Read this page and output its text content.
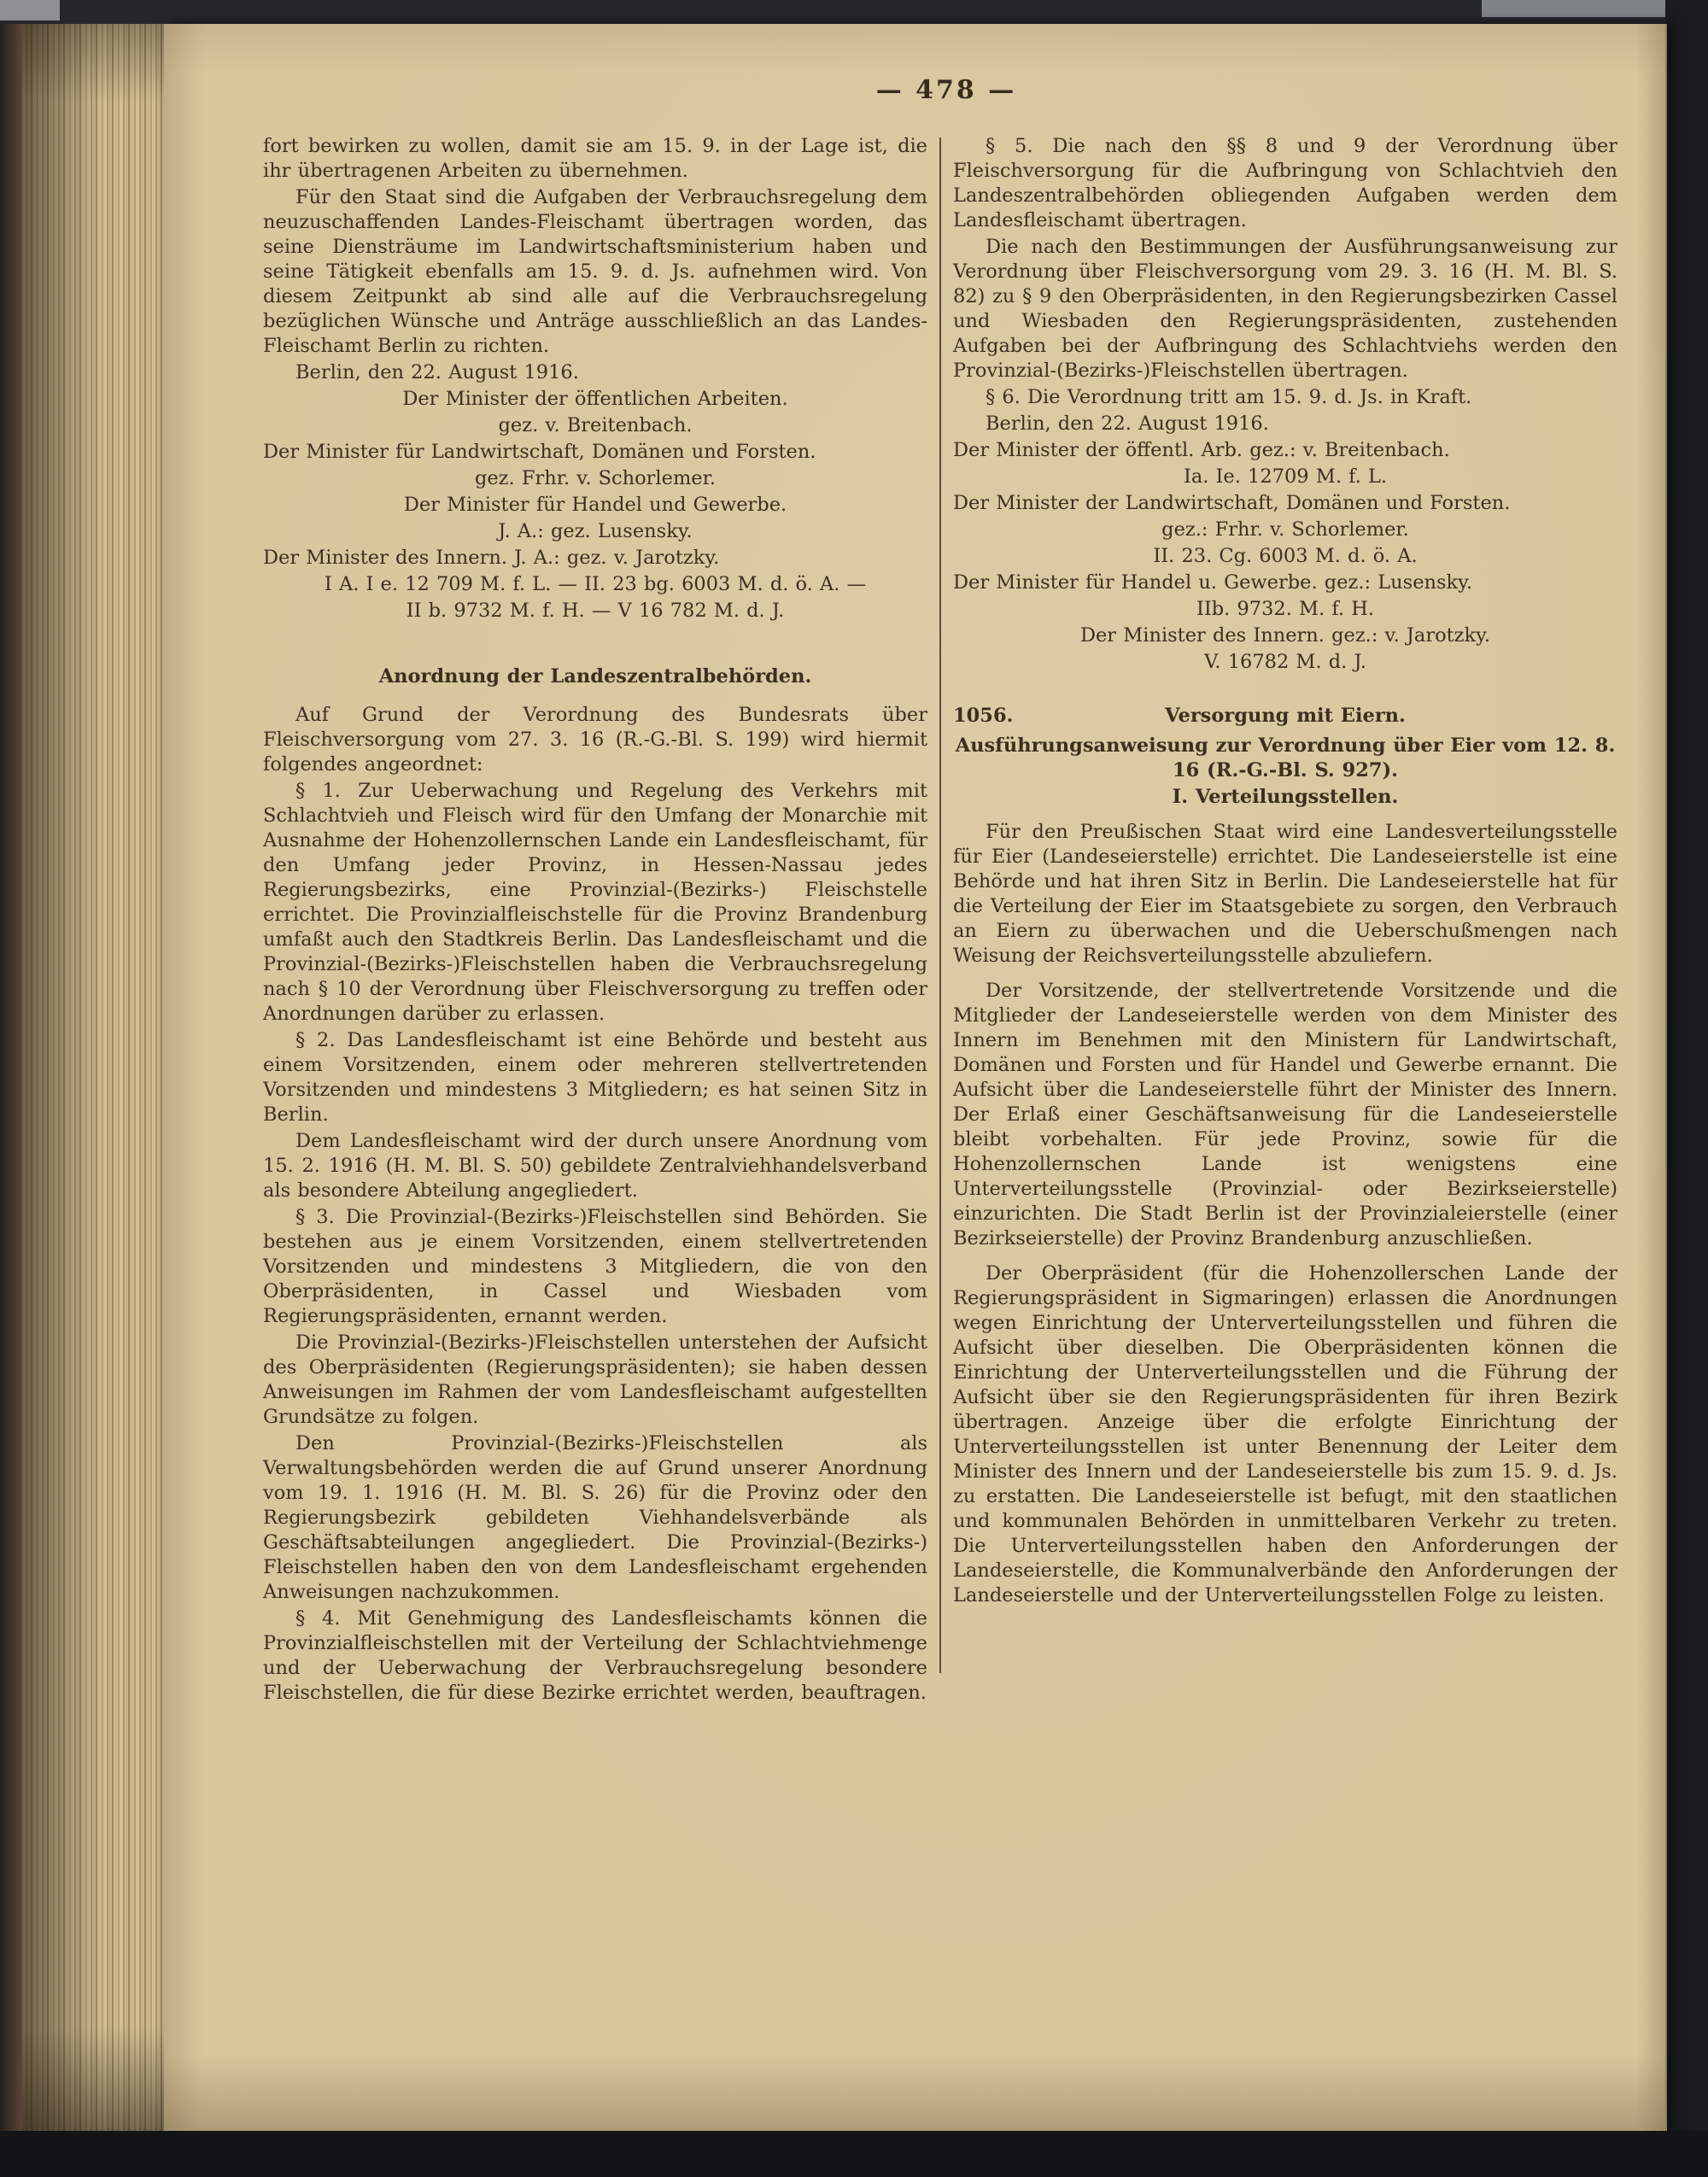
— 478 —
fort bewirken zu wollen, damit sie am 15. 9. in der Lage ist, die ihr übertragenen Arbeiten zu übernehmen.
Für den Staat sind die Aufgaben der Verbrauchsregelung dem neuzuschaffenden Landes-Fleischamt übertragen worden, das seine Diensträume im Landwirtschaftsministerium haben und seine Tätigkeit ebenfalls am 15. 9. d. Js. aufnehmen wird. Von diesem Zeitpunkt ab sind alle auf die Verbrauchsregelung bezüglichen Wünsche und Anträge ausschließlich an das Landes-Fleischamt Berlin zu richten.
Berlin, den 22. August 1916.
Der Minister der öffentlichen Arbeiten.
gez. v. Breitenbach.
Der Minister für Landwirtschaft, Domänen und Forsten.
gez. Frhr. v. Schorlemer.
Der Minister für Handel und Gewerbe.
J. A.: gez. Lusensky.
Der Minister des Innern. J. A.: gez. v. Jarotzky.
I A. I e. 12 709 M. f. L. — II. 23 bg. 6003 M. d. ö. A. —
II b. 9732 M. f. H. — V 16 782 M. d. J.
Anordnung der Landeszentralbehörden.
Auf Grund der Verordnung des Bundesrats über Fleischversorgung vom 27. 3. 16 (R.-G.-Bl. S. 199) wird hiermit folgendes angeordnet:
§ 1. Zur Ueberwachung und Regelung des Verkehrs mit Schlachtvieh und Fleisch wird für den Umfang der Monarchie mit Ausnahme der Hohenzollernschen Lande ein Landesfleischamt, für den Umfang jeder Provinz, in Hessen-Nassau jedes Regierungsbezirks, eine Provinzial-(Bezirks-) Fleischstelle errichtet. Die Provinzialfleischstelle für die Provinz Brandenburg umfaßt auch den Stadtkreis Berlin. Das Landesfleischamt und die Provinzial-(Bezirks-)Fleischstellen haben die Verbrauchsregelung nach § 10 der Verordnung über Fleischversorgung zu treffen oder Anordnungen darüber zu erlassen.
§ 2. Das Landesfleischamt ist eine Behörde und besteht aus einem Vorsitzenden, einem oder mehreren stellvertretenden Vorsitzenden und mindestens 3 Mitgliedern; es hat seinen Sitz in Berlin.
Dem Landesfleischamt wird der durch unsere Anordnung vom 15. 2. 1916 (H. M. Bl. S. 50) gebildete Zentralviehhandelsverband als besondere Abteilung angegliedert.
§ 3. Die Provinzial-(Bezirks-)Fleischstellen sind Behörden. Sie bestehen aus je einem Vorsitzenden, einem stellvertretenden Vorsitzenden und mindestens 3 Mitgliedern, die von den Oberpräsidenten, in Cassel und Wiesbaden vom Regierungspräsidenten, ernannt werden.
Die Provinzial-(Bezirks-)Fleischstellen unterstehen der Aufsicht des Oberpräsidenten (Regierungspräsidenten); sie haben dessen Anweisungen im Rahmen der vom Landesfleischamt aufgestellten Grundsätze zu folgen.
Den Provinzial-(Bezirks-)Fleischstellen als Verwaltungsbehörden werden die auf Grund unserer Anordnung vom 19. 1. 1916 (H. M. Bl. S. 26) für die Provinz oder den Regierungsbezirk gebildeten Viehhandelsverbände als Geschäftsabteilungen angegliedert. Die Provinzial-(Bezirks-) Fleischstellen haben den von dem Landesfleischamt ergehenden Anweisungen nachzukommen.
§ 4. Mit Genehmigung des Landesfleischamts können die Provinzialfleischstellen mit der Verteilung der Schlachtviehmenge und der Ueberwachung der Verbrauchsregelung besondere Fleischstellen, die für diese Bezirke errichtet werden, beauftragen.
§ 5. Die nach den §§ 8 und 9 der Verordnung über Fleischversorgung für die Aufbringung von Schlachtvieh den Landeszentralbehörden obliegenden Aufgaben werden dem Landesfleischamt übertragen.
Die nach den Bestimmungen der Ausführungsanweisung zur Verordnung über Fleischversorgung vom 29. 3. 16 (H. M. Bl. S. 82) zu § 9 den Oberpräsidenten, in den Regierungsbezirken Cassel und Wiesbaden den Regierungspräsidenten, zustehenden Aufgaben bei der Aufbringung des Schlachtviehs werden den Provinzial-(Bezirks-)Fleischstellen übertragen.
§ 6. Die Verordnung tritt am 15. 9. d. Js. in Kraft.
Berlin, den 22. August 1916.
Der Minister der öffentl. Arb. gez.: v. Breitenbach.
Ia. Ie. 12709 M. f. L.
Der Minister der Landwirtschaft, Domänen und Forsten.
gez.: Frhr. v. Schorlemer.
II. 23. Cg. 6003 M. d. ö. A.
Der Minister für Handel u. Gewerbe. gez.: Lusensky.
IIb. 9732. M. f. H.
Der Minister des Innern. gez.: v. Jarotzky.
V. 16782 M. d. J.
1056.	Versorgung mit Eiern.
Ausführungsanweisung zur Verordnung über Eier vom 12. 8. 16 (R.-G.-Bl. S. 927).
I. Verteilungsstellen.
Für den Preußischen Staat wird eine Landesverteilungsstelle für Eier (Landeseierstelle) errichtet. Die Landeseierstelle ist eine Behörde und hat ihren Sitz in Berlin. Die Landeseierstelle hat für die Verteilung der Eier im Staatsgebiete zu sorgen, den Verbrauch an Eiern zu überwachen und die Ueberschußmengen nach Weisung der Reichsverteilungsstelle abzuliefern.
Der Vorsitzende, der stellvertretende Vorsitzende und die Mitglieder der Landeseierstelle werden von dem Minister des Innern im Benehmen mit den Ministern für Landwirtschaft, Domänen und Forsten und für Handel und Gewerbe ernannt. Die Aufsicht über die Landeseierstelle führt der Minister des Innern. Der Erlaß einer Geschäftsanweisung für die Landeseierstelle bleibt vorbehalten. Für jede Provinz, sowie für die Hohenzollernschen Lande ist wenigstens eine Unterverteilungsstelle (Provinzial- oder Bezirkseierstelle) einzurichten. Die Stadt Berlin ist der Provinzialeierstelle (einer Bezirkseierstelle) der Provinz Brandenburg anzuschließen.
Der Oberpräsident (für die Hohenzollerschen Lande der Regierungspräsident in Sigmaringen) erlassen die Anordnungen wegen Einrichtung der Unterverteilungsstellen und führen die Aufsicht über dieselben. Die Oberpräsidenten können die Einrichtung der Unterverteilungsstellen und die Führung der Aufsicht über sie den Regierungspräsidenten für ihren Bezirk übertragen. Anzeige über die erfolgte Einrichtung der Unterverteilungsstellen ist unter Benennung der Leiter dem Minister des Innern und der Landeseierstelle bis zum 15. 9. d. Js. zu erstatten. Die Landeseierstelle ist befugt, mit den staatlichen und kommunalen Behörden in unmittelbaren Verkehr zu treten. Die Unterverteilungsstellen haben den Anforderungen der Landeseierstelle, die Kommunalverbände den Anforderungen der Landeseierstelle und der Unterverteilungsstellen Folge zu leisten.
